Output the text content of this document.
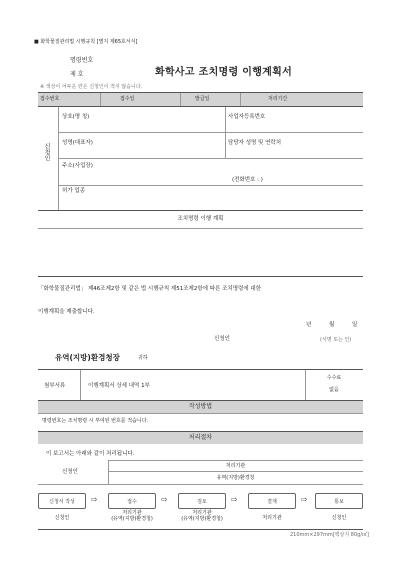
■ 화학물질관리법 시행규칙 [별지 제65호서식]
명령번호
제 호	화학사고 조치명령 이행계획서
※ 색상이 어두운 란은 신청인이 적지 않습니다.
접수번호	접수일	발급일	처리기간
신청인
상호(명 칭)	사업자등록번호
성명(대표자)	담당자 성명 및 연락처
주소(사업장)
(전화번호 : )
허가 업종
조치명령 이행 계획
「화학물질관리법」 제46조제2항 및 같은 법 시행규칙 제51조제2항에 따른 조치명령에 대한
이행계획을 제출합니다.
년	월	일
신청인	(서명 또는 인)
유역(지방)환경청장	귀하
첨부서류	이행계획서 상세 내역 1부
수수료
없음
작성방법
명령번호는 조치명령 시 부여된 번호를 적습니다.
처리절차
이 보고서는 아래와 같이 처리됩니다.
신청인
처리기관
유역(지방)환경청
신청서 작성	⇨	접수	⇨	검토	⇨	결재	⇨	통보
신청인
처리기관
(유역(지방)환경청)
처리기관
(유역(지방)환경청)	처리기관	신청인
210mm×297mm[백상지 80g/㎡]
